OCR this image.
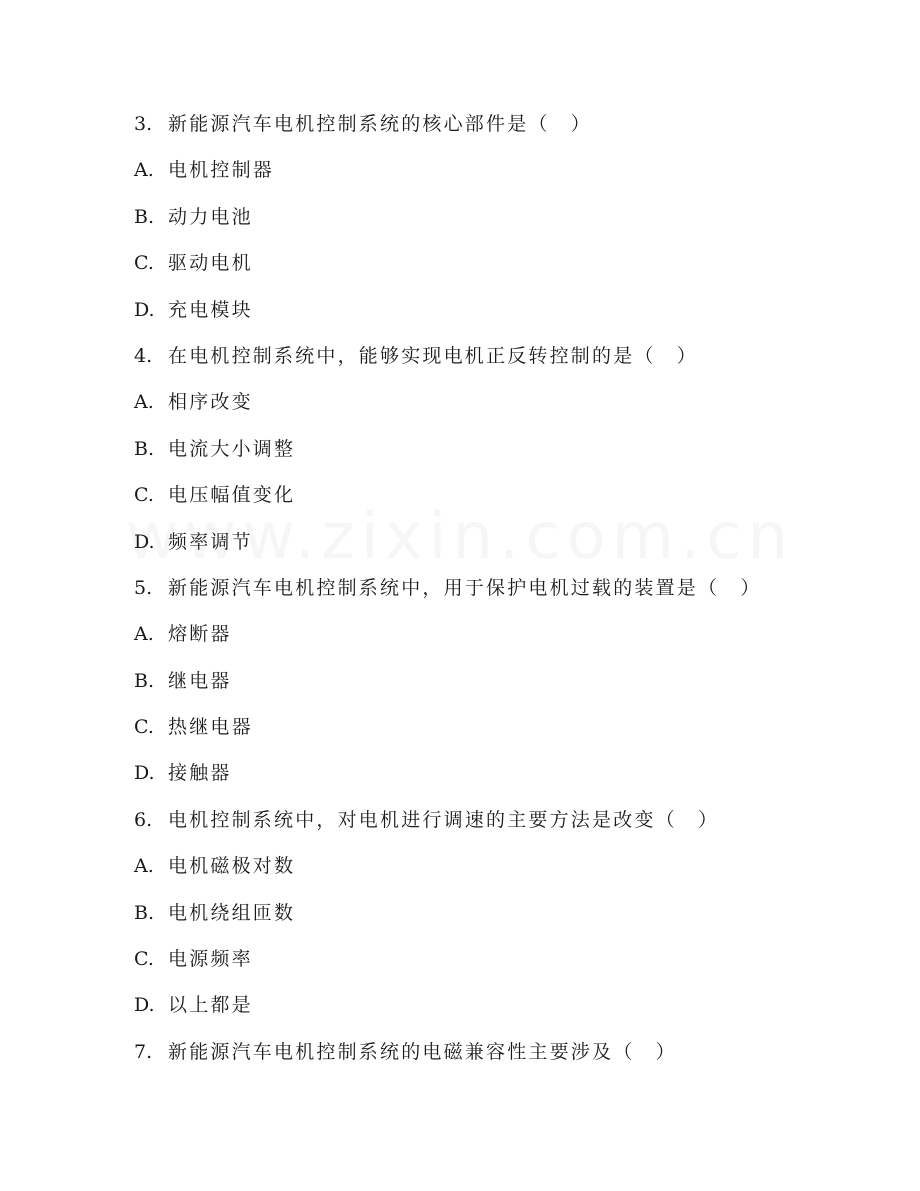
3. 新能源汽车电机控制系统的核心部件是（　）
A. 电机控制器
B. 动力电池
C. 驱动电机
D. 充电模块
4. 在电机控制系统中，能够实现电机正反转控制的是（　）
A. 相序改变
B. 电流大小调整
C. 电压幅值变化
D. 频率调节
5. 新能源汽车电机控制系统中，用于保护电机过载的装置是（　）
A. 熔断器
B. 继电器
C. 热继电器
D. 接触器
6. 电机控制系统中，对电机进行调速的主要方法是改变（　）
A. 电机磁极对数
B. 电机绕组匝数
C. 电源频率
D. 以上都是
7. 新能源汽车电机控制系统的电磁兼容性主要涉及（　）
